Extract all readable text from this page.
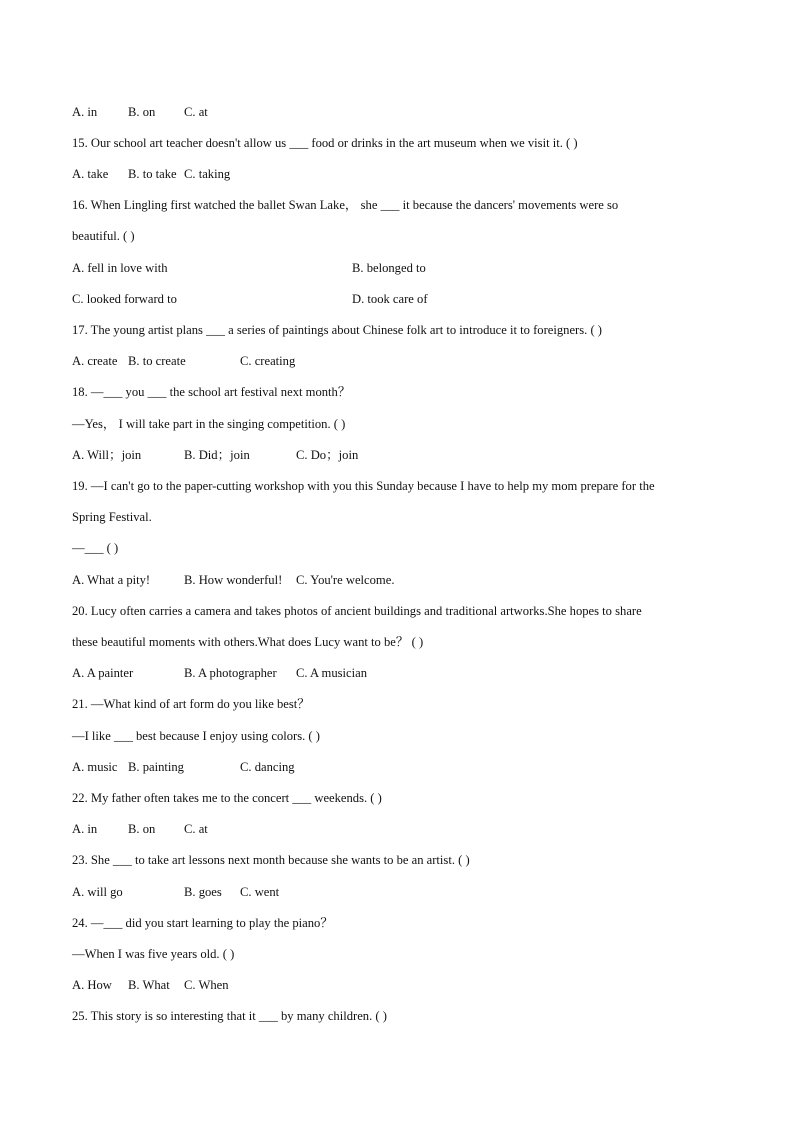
A. in B. on C. at
15. Our school art teacher doesn't allow us ___ food or drinks in the art museum when we visit it. ( )
A. take B. to take C. taking
16. When Lingling first watched the ballet Swan Lake， she ___ it because the dancers' movements were so
beautiful. ( )
A. fell in love with	B. belonged to
C. looked forward to	D. took care of
17. The young artist plans ___ a series of paintings about Chinese folk art to introduce it to foreigners. ( )
A. create B. to create	C. creating
18. —___ you ___ the school art festival next month？
—Yes， I will take part in the singing competition. ( )
A. Will；join	B. Did；join	C. Do；join
19. —I can't go to the paper-cutting workshop with you this Sunday because I have to help my mom prepare for the
Spring Festival.
—___ ( )
A. What a pity!	B. How wonderful! C. You're welcome.
20. Lucy often carries a camera and takes photos of ancient buildings and traditional artworks.She hopes to share
these beautiful moments with others.What does Lucy want to be？ ( )
A. A painter	B. A photographer C. A musician
21. —What kind of art form do you like best？
—I like ___ best because I enjoy using colors. ( )
A. music B. painting	C. dancing
22. My father often takes me to the concert ___ weekends. ( )
A. in B. on C. at
23. She ___ to take art lessons next month because she wants to be an artist. ( )
A. will go	B. goes C. went
24. —___ did you start learning to play the piano？
—When I was five years old. ( )
A. How B. What C. When
25. This story is so interesting that it ___ by many children. ( )
